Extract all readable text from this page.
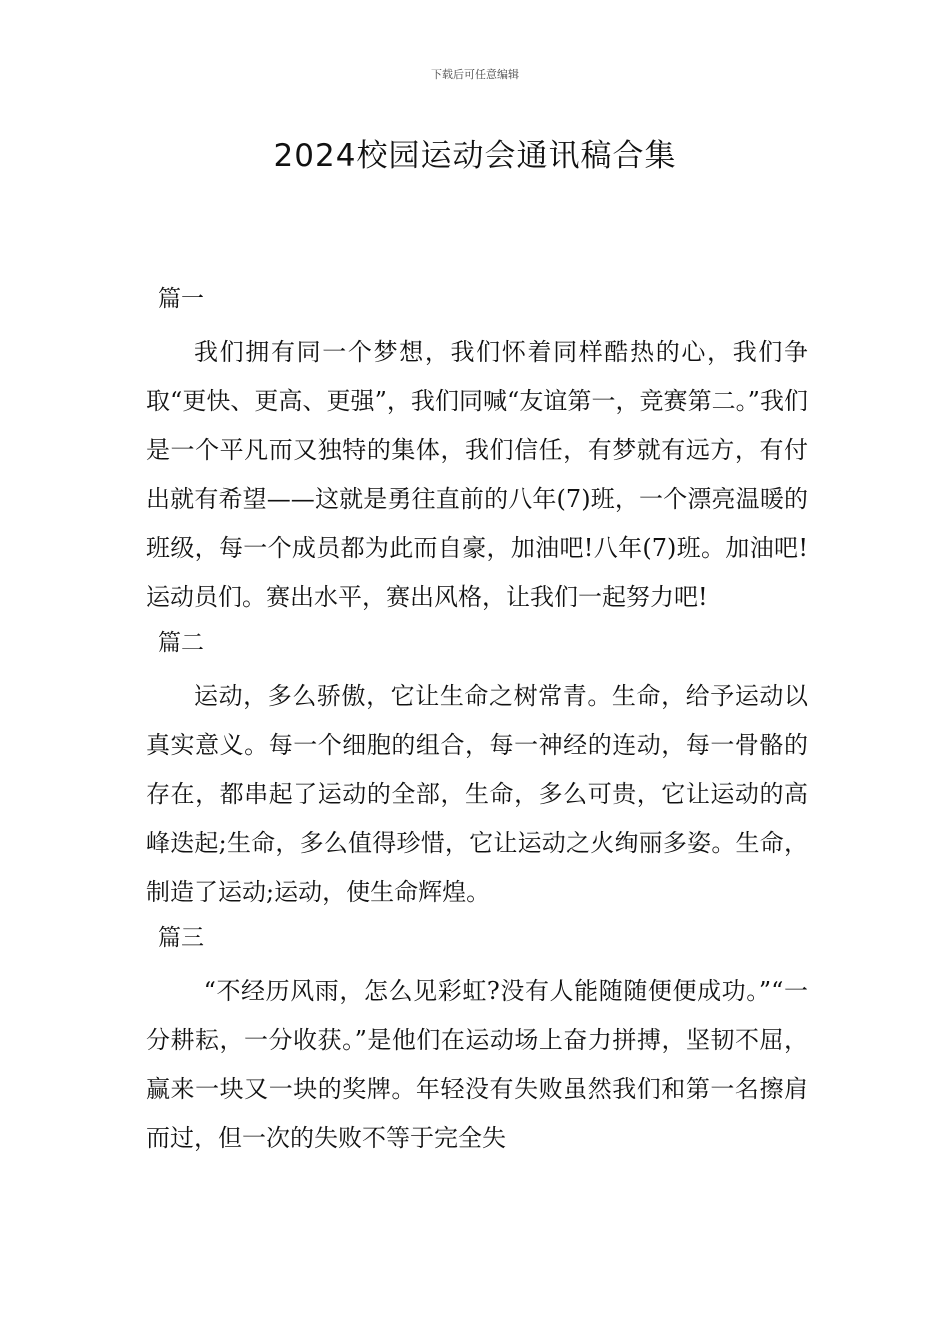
下载后可任意编辑
2024校园运动会通讯稿合集
篇一

我们拥有同一个梦想，我们怀着同样酷热的心，我们争取“更快、更高、更强”，我们同喊“友谊第一，竞赛第二。”我们是一个平凡而又独特的集体，我们信任，有梦就有远方，有付出就有希望——这就是勇往直前的八年(7)班，一个漂亮温暖的班级，每一个成员都为此而自豪，加油吧!八年(7)班。加油吧!运动员们。赛出水平，赛出风格，让我们一起努力吧!

篇二

运动，多么骄傲，它让生命之树常青。生命，给予运动以真实意义。每一个细胞的组合，每一神经的连动，每一骨骼的存在，都串起了运动的全部，生命，多么可贵，它让运动的高峰迭起;生命，多么值得珍惜，它让运动之火绚丽多姿。生命，制造了运动;运动，使生命辉煌。

篇三

“不经历风雨，怎么见彩虹?没有人能随随便便成功。”“一分耕耘，一分收获。”是他们在运动场上奋力拼搏，坚韧不屈，赢来一块又一块的奖牌。年轻没有失败虽然我们和第一名擦肩而过，但一次的失败不等于完全失
